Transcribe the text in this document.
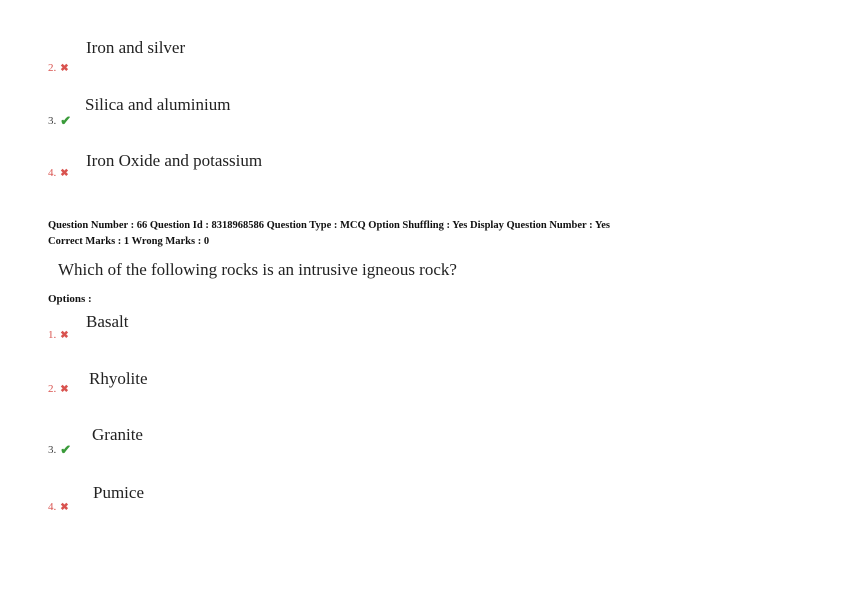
Iron and silver
2. ✖
Silica and aluminium
3. ✔
Iron Oxide and potassium
4. ✖
Question Number : 66 Question Id : 8318968586 Question Type : MCQ Option Shuffling : Yes Display Question Number : Yes
Correct Marks : 1 Wrong Marks : 0
Which of the following rocks is an intrusive igneous rock?
Options :
Basalt
1. ✖
Rhyolite
2. ✖
Granite
3. ✔
Pumice
4. ✖
